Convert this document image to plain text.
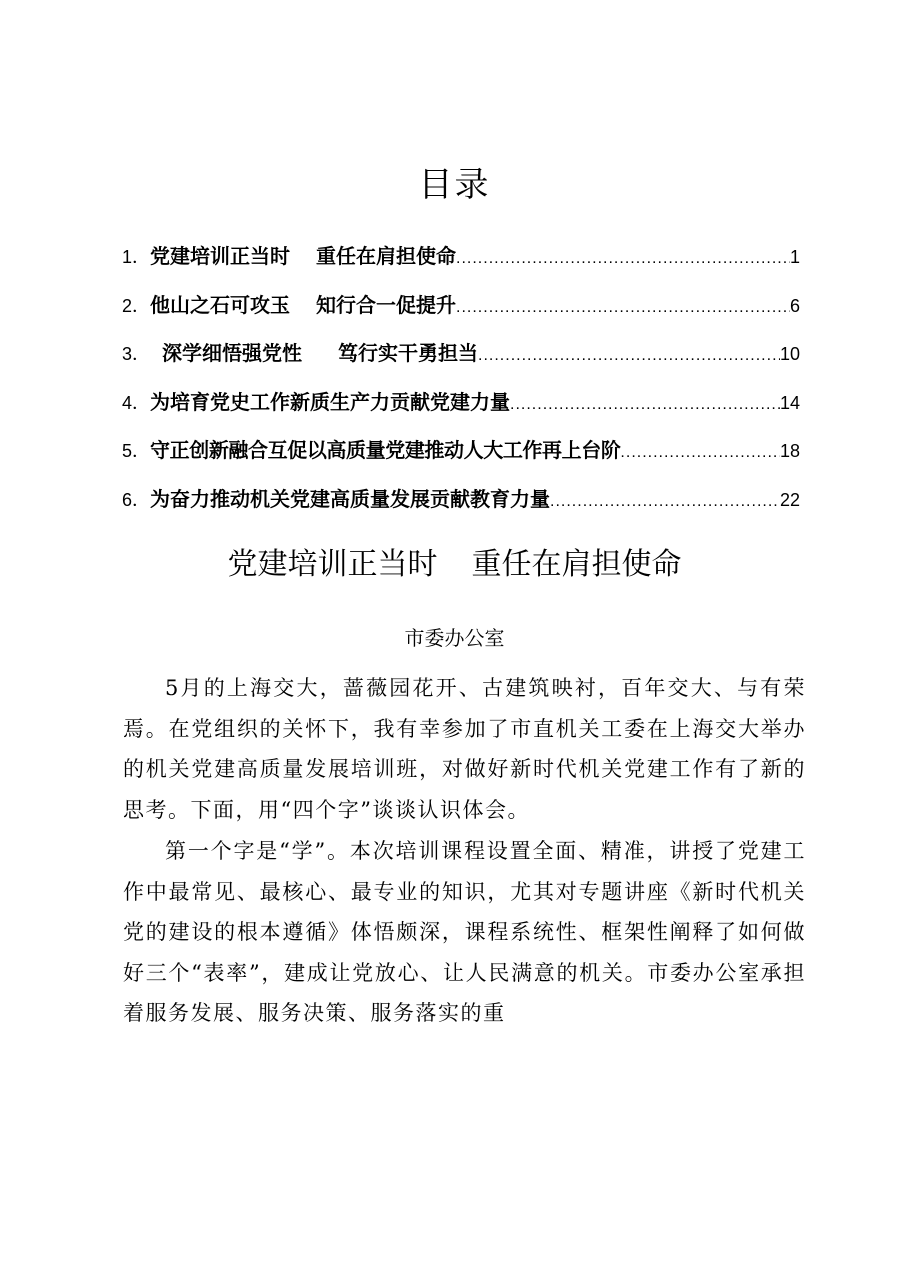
目录
1． 党建培训正当时 重任在肩担使命 .....	1
2． 他山之石可攻玉 知行合一促提升 .....	6
3． 深学细悟强党性 笃行实干勇担当 .....	10
4． 为培育党史工作新质生产力贡献党建力量 .....	14
5． 守正创新融合互促以高质量党建推动人大工作再上台阶 .....	18
6． 为奋力推动机关党建高质量发展贡献教育力量 .....	22
党建培训正当时 重任在肩担使命
市委办公室

5月的上海交大，蔷薇园花开、古建筑映衬，百年交大、与有荣焉。在党组织的关怀下，我有幸参加了市直机关工委在上海交大举办的机关党建高质量发展培训班，对做好新时代机关党建工作有了新的思考。下面，用“四个字”谈谈认识体会。

第一个字是“学”。本次培训课程设置全面、精准，讲授了党建工作中最常见、最核心、最专业的知识，尤其对专题讲座《新时代机关党的建设的根本遵循》体悟颇深，课程系统性、框架性阐释了如何做好三个“表率”，建成让党放心、让人民满意的机关。市委办公室承担着服务发展、服务决策、服务落实的重
